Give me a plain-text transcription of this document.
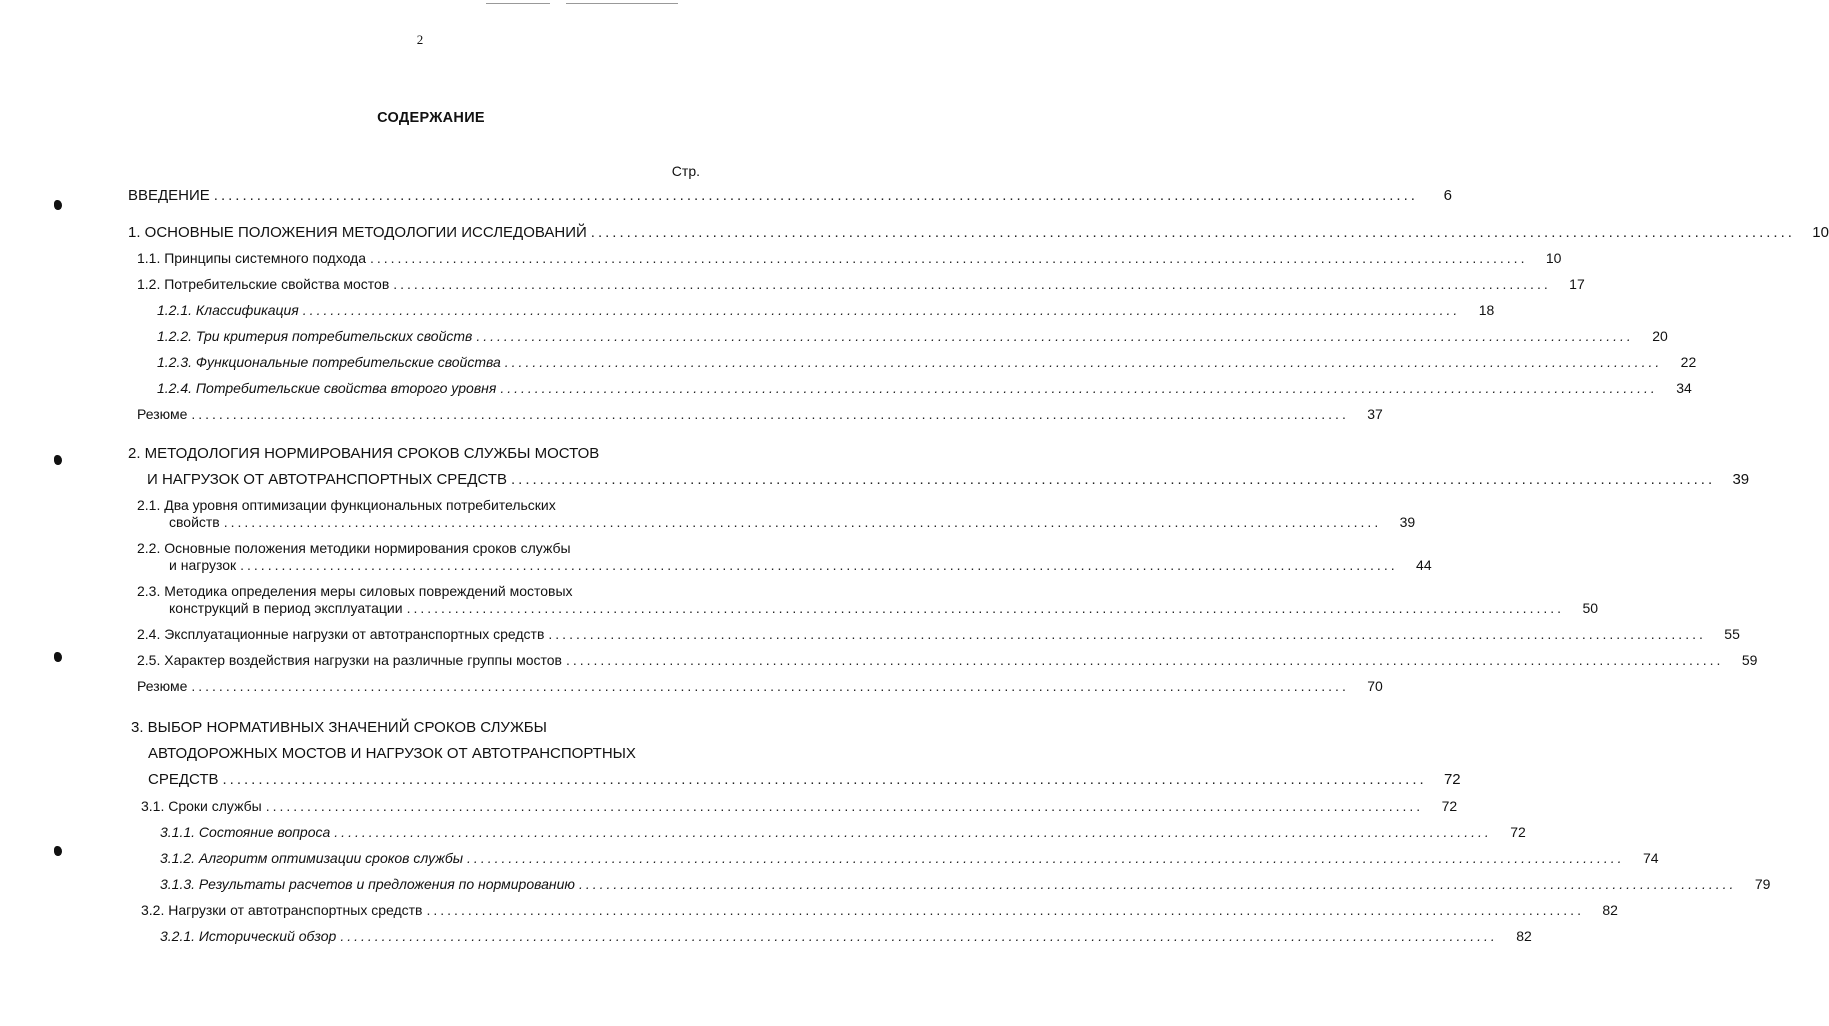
2
СОДЕРЖАНИЕ
Стр.
ВВЕДЕНИЕ ........................................................................................................................................................................	6
1. ОСНОВНЫЕ ПОЛОЖЕНИЯ МЕТОДОЛОГИИ ИССЛЕДОВАНИЙ ........................................................................................................................................................................	10
1.1. Принципы системного подхода ........................................................................................................................................................................	10
1.2. Потребительские свойства мостов ........................................................................................................................................................................	17
1.2.1. Классификация ........................................................................................................................................................................	18
1.2.2. Три критерия потребительских свойств ........................................................................................................................................................................	20
1.2.3. Функциональные потребительские свойства ........................................................................................................................................................................	22
1.2.4. Потребительские свойства второго уровня ........................................................................................................................................................................	34
Резюме ........................................................................................................................................................................	37
2. МЕТОДОЛОГИЯ НОРМИРОВАНИЯ СРОКОВ СЛУЖБЫ МОСТОВ
И НАГРУЗОК ОТ АВТОТРАНСПОРТНЫХ СРЕДСТВ ........................................................................................................................................................................	39
2.1. Два уровня оптимизации функциональных потребительских
свойств ........................................................................................................................................................................	39
2.2. Основные положения методики нормирования сроков службы
и нагрузок ........................................................................................................................................................................	44
2.3. Методика определения меры силовых повреждений мостовых
конструкций в период эксплуатации ........................................................................................................................................................................	50
2.4. Эксплуатационные нагрузки от автотранспортных средств ........................................................................................................................................................................	55
2.5. Характер воздействия нагрузки на различные группы мостов ........................................................................................................................................................................	59
Резюме ........................................................................................................................................................................	70
3. ВЫБОР НОРМАТИВНЫХ ЗНАЧЕНИЙ СРОКОВ СЛУЖБЫ
АВТОДОРОЖНЫХ МОСТОВ И НАГРУЗОК ОТ АВТОТРАНСПОРТНЫХ
СРЕДСТВ ........................................................................................................................................................................	72
3.1. Сроки службы ........................................................................................................................................................................	72
3.1.1. Состояние вопроса ........................................................................................................................................................................	72
3.1.2. Алгоритм оптимизации сроков службы ........................................................................................................................................................................	74
3.1.3. Результаты расчетов и предложения по нормированию ........................................................................................................................................................................	79
3.2. Нагрузки от автотранспортных средств ........................................................................................................................................................................	82
3.2.1. Исторический обзор ........................................................................................................................................................................	82
